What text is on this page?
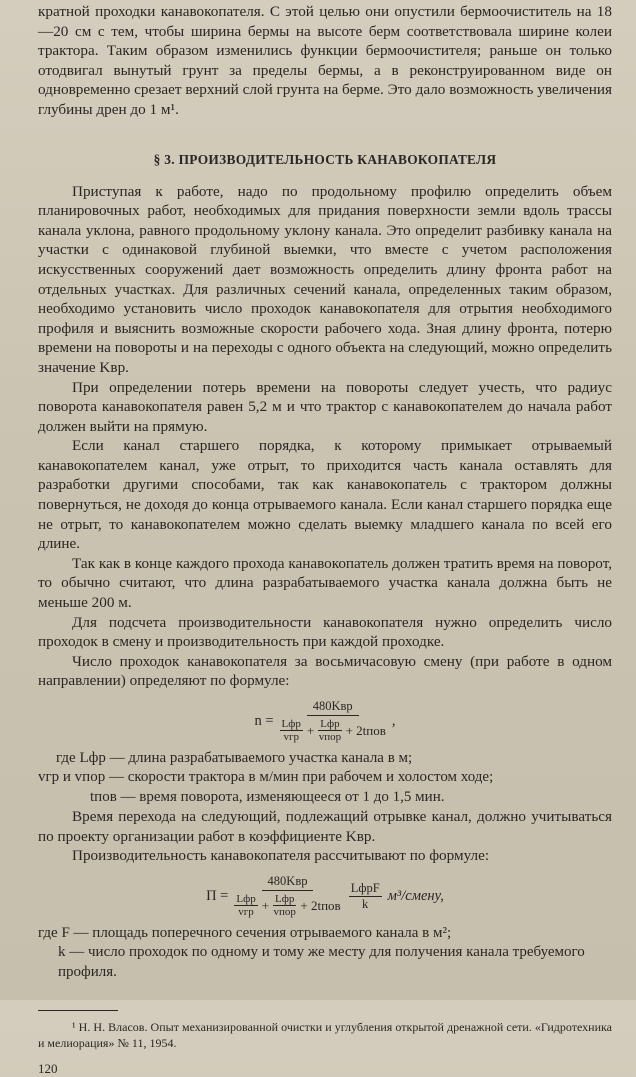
кратной проходки канавокопателя. С этой целью они опустили бермоочиститель на 18—20 см с тем, чтобы ширина бермы на высоте берм соответствовала ширине колеи трактора. Таким образом изменились функции бермоочистителя; раньше он только отодвигал вынутый грунт за пределы бермы, а в реконструированном виде он одновременно срезает верхний слой грунта на берме. Это дало возможность увеличения глубины дрен до 1 м¹.

§ 3. ПРОИЗВОДИТЕЛЬНОСТЬ КАНАВОКОПАТЕЛЯ

Приступая к работе, надо по продольному профилю определить объем планировочных работ, необходимых для придания поверхности земли вдоль трассы канала уклона, равного продольному уклону канала. Это определит разбивку канала на участки с одинаковой глубиной выемки, что вместе с учетом расположения искусственных сооружений дает возможность определить длину фронта работ на отдельных участках. Для различных сечений канала, определенных таким образом, необходимо установить число проходок канавокопателя для отрытия необходимого профиля и выяснить возможные скорости рабочего хода. Зная длину фронта, потерю времени на повороты и на переходы с одного объекта на следующий, можно определить значение Kвр.

При определении потерь времени на повороты следует учесть, что радиус поворота канавокопателя равен 5,2 м и что трактор с канавокопателем до начала работ должен выйти на прямую.

Если канал старшего порядка, к которому примыкает отрываемый канавокопателем канал, уже отрыт, то приходится часть канала оставлять для разработки другими способами, так как канавокопатель с трактором должны повернуться, не доходя до конца отрываемого канала. Если канал старшего порядка еще не отрыт, то канавокопателем можно сделать выемку младшего канала по всей его длине.

Так как в конце каждого прохода канавокопатель должен тратить время на поворот, то обычно считают, что длина разрабатываемого участка канала должна быть не меньше 200 м.

Для подсчета производительности канавокопателя нужно определить число проходок в смену и производительность при каждой проходке.

Число проходок канавокопателя за восьмичасовую смену (при работе в одном направлении) определяют по формуле:

n =
480Kвр
Lфр
vгр + Lфр
vпор + 2tпов
,
где Lфр — длина разрабатываемого участка канала в м;
vгр и vпор — скорости трактора в м/мин при рабочем и холостом ходе;
tпов — время поворота, изменяющееся от 1 до 1,5 мин.

Время перехода на следующий, подлежащий отрывке канал, должно учитываться по проекту организации работ в коэффициенте Kвр.

Производительность канавокопателя рассчитывают по формуле:

П =
480Kвр
Lфр
vгр + Lфр
vпор + 2tпов
LфрF
k м³/смену,
где F — площадь поперечного сечения отрываемого канала в м²;
k — число проходок по одному и тому же месту для получения канала требуемого профиля.

¹ Н. Н. Власов. Опыт механизированной очистки и углубления открытой дренажной сети. «Гидротехника и мелиорация» № 11, 1954.

120
